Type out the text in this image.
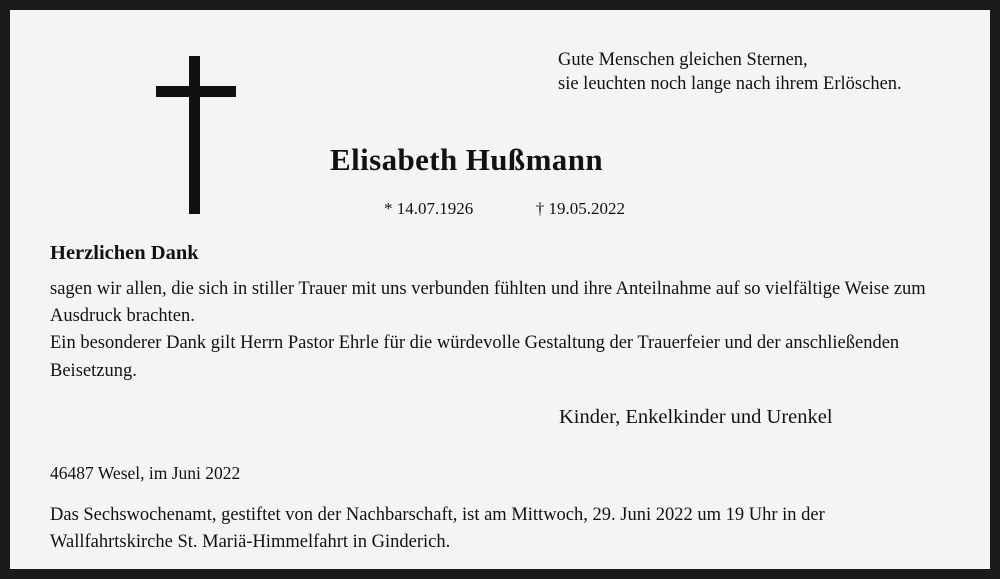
Gute Menschen gleichen Sternen,
sie leuchten noch lange nach ihrem Erlöschen.
Elisabeth Hußmann
* 14.07.1926	† 19.05.2022
Herzlichen Dank
sagen wir allen, die sich in stiller Trauer mit uns verbunden fühlten und ihre Anteilnahme auf so vielfältige Weise zum Ausdruck brachten.
Ein besonderer Dank gilt Herrn Pastor Ehrle für die würdevolle Gestaltung der Trauerfeier und der anschließenden Beisetzung.
Kinder, Enkelkinder und Urenkel
46487 Wesel, im Juni 2022
Das Sechswochenamt, gestiftet von der Nachbarschaft, ist am Mittwoch, 29. Juni 2022 um 19 Uhr in der Wallfahrtskirche St. Mariä-Himmelfahrt in Ginderich.
